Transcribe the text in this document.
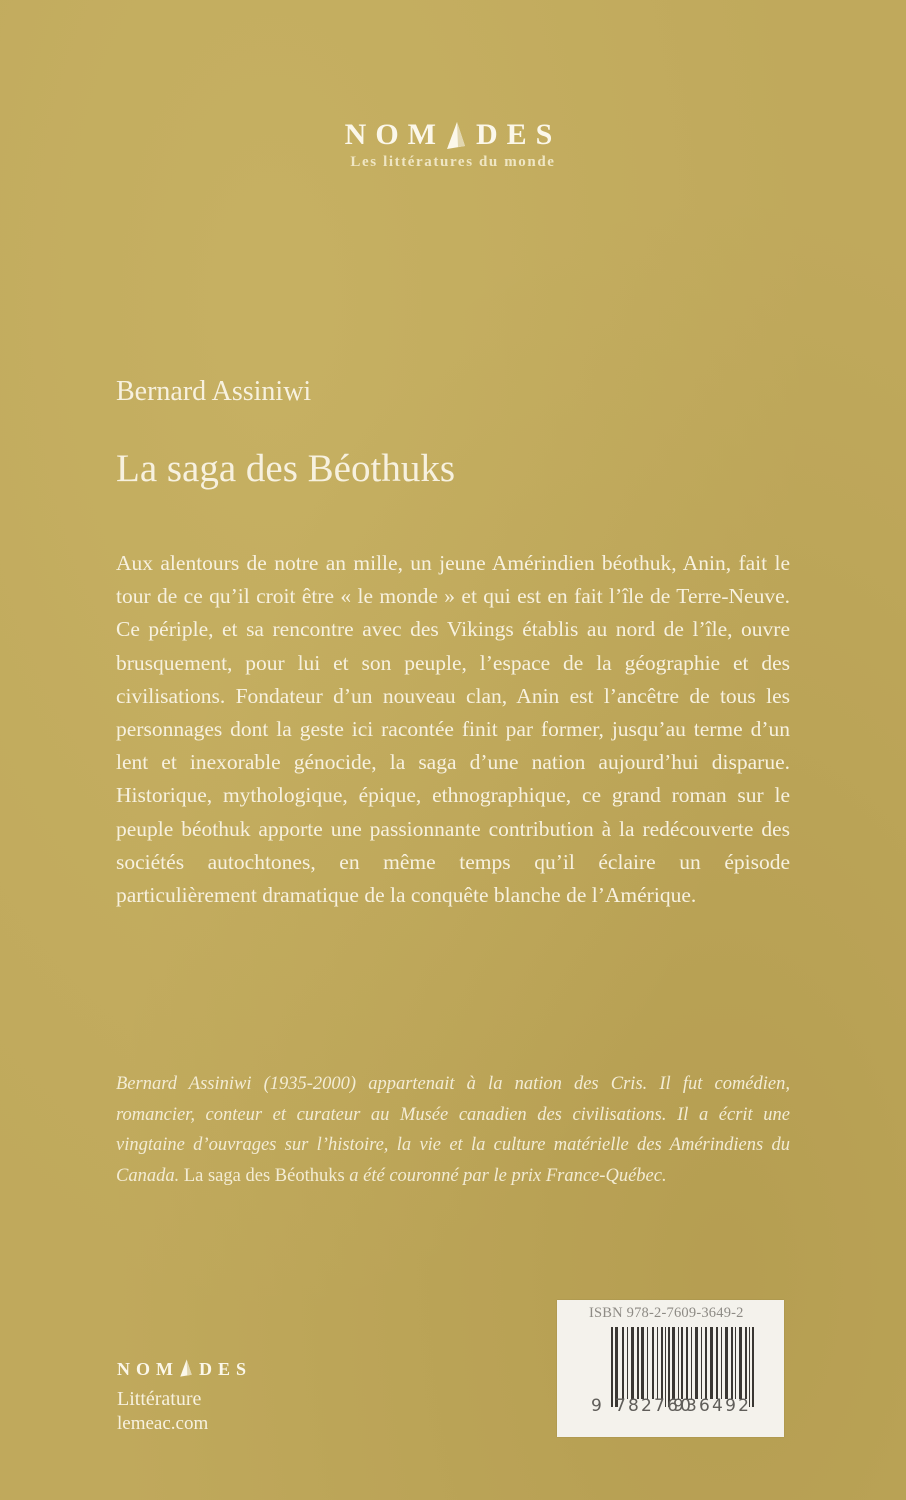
NOM DES
Les littératures du monde
Bernard Assiniwi
La saga des Béothuks
Aux alentours de notre an mille, un jeune Amérindien béothuk, Anin, fait le tour de ce qu’il croit être « le monde » et qui est en fait l’île de Terre-Neuve. Ce périple, et sa rencontre avec des Vikings établis au nord de l’île, ouvre brusquement, pour lui et son peuple, l’espace de la géographie et des civilisations. Fondateur d’un nouveau clan, Anin est l’ancêtre de tous les personnages dont la geste ici racontée finit par former, jusqu’au terme d’un lent et inexorable génocide, la saga d’une nation aujourd’hui disparue. Historique, mythologique, épique, ethnographique, ce grand roman sur le peuple béothuk apporte une passionnante contribution à la redécouverte des sociétés autochtones, en même temps qu’il éclaire un épisode particulièrement dramatique de la conquête blanche de l’Amérique.
Bernard Assiniwi (1935-2000) appartenait à la nation des Cris. Il fut comédien, romancier, conteur et curateur au Musée canadien des civilisations. Il a écrit une vingtaine d’ouvrages sur l’histoire, la vie et la culture matérielle des Amérindiens du Canada. La saga des Béothuks a été couronné par le prix France-Québec.
NOM DES
Littérature
lemeac.com
ISBN 978-2-7609-3649-2
9 782760
936492
